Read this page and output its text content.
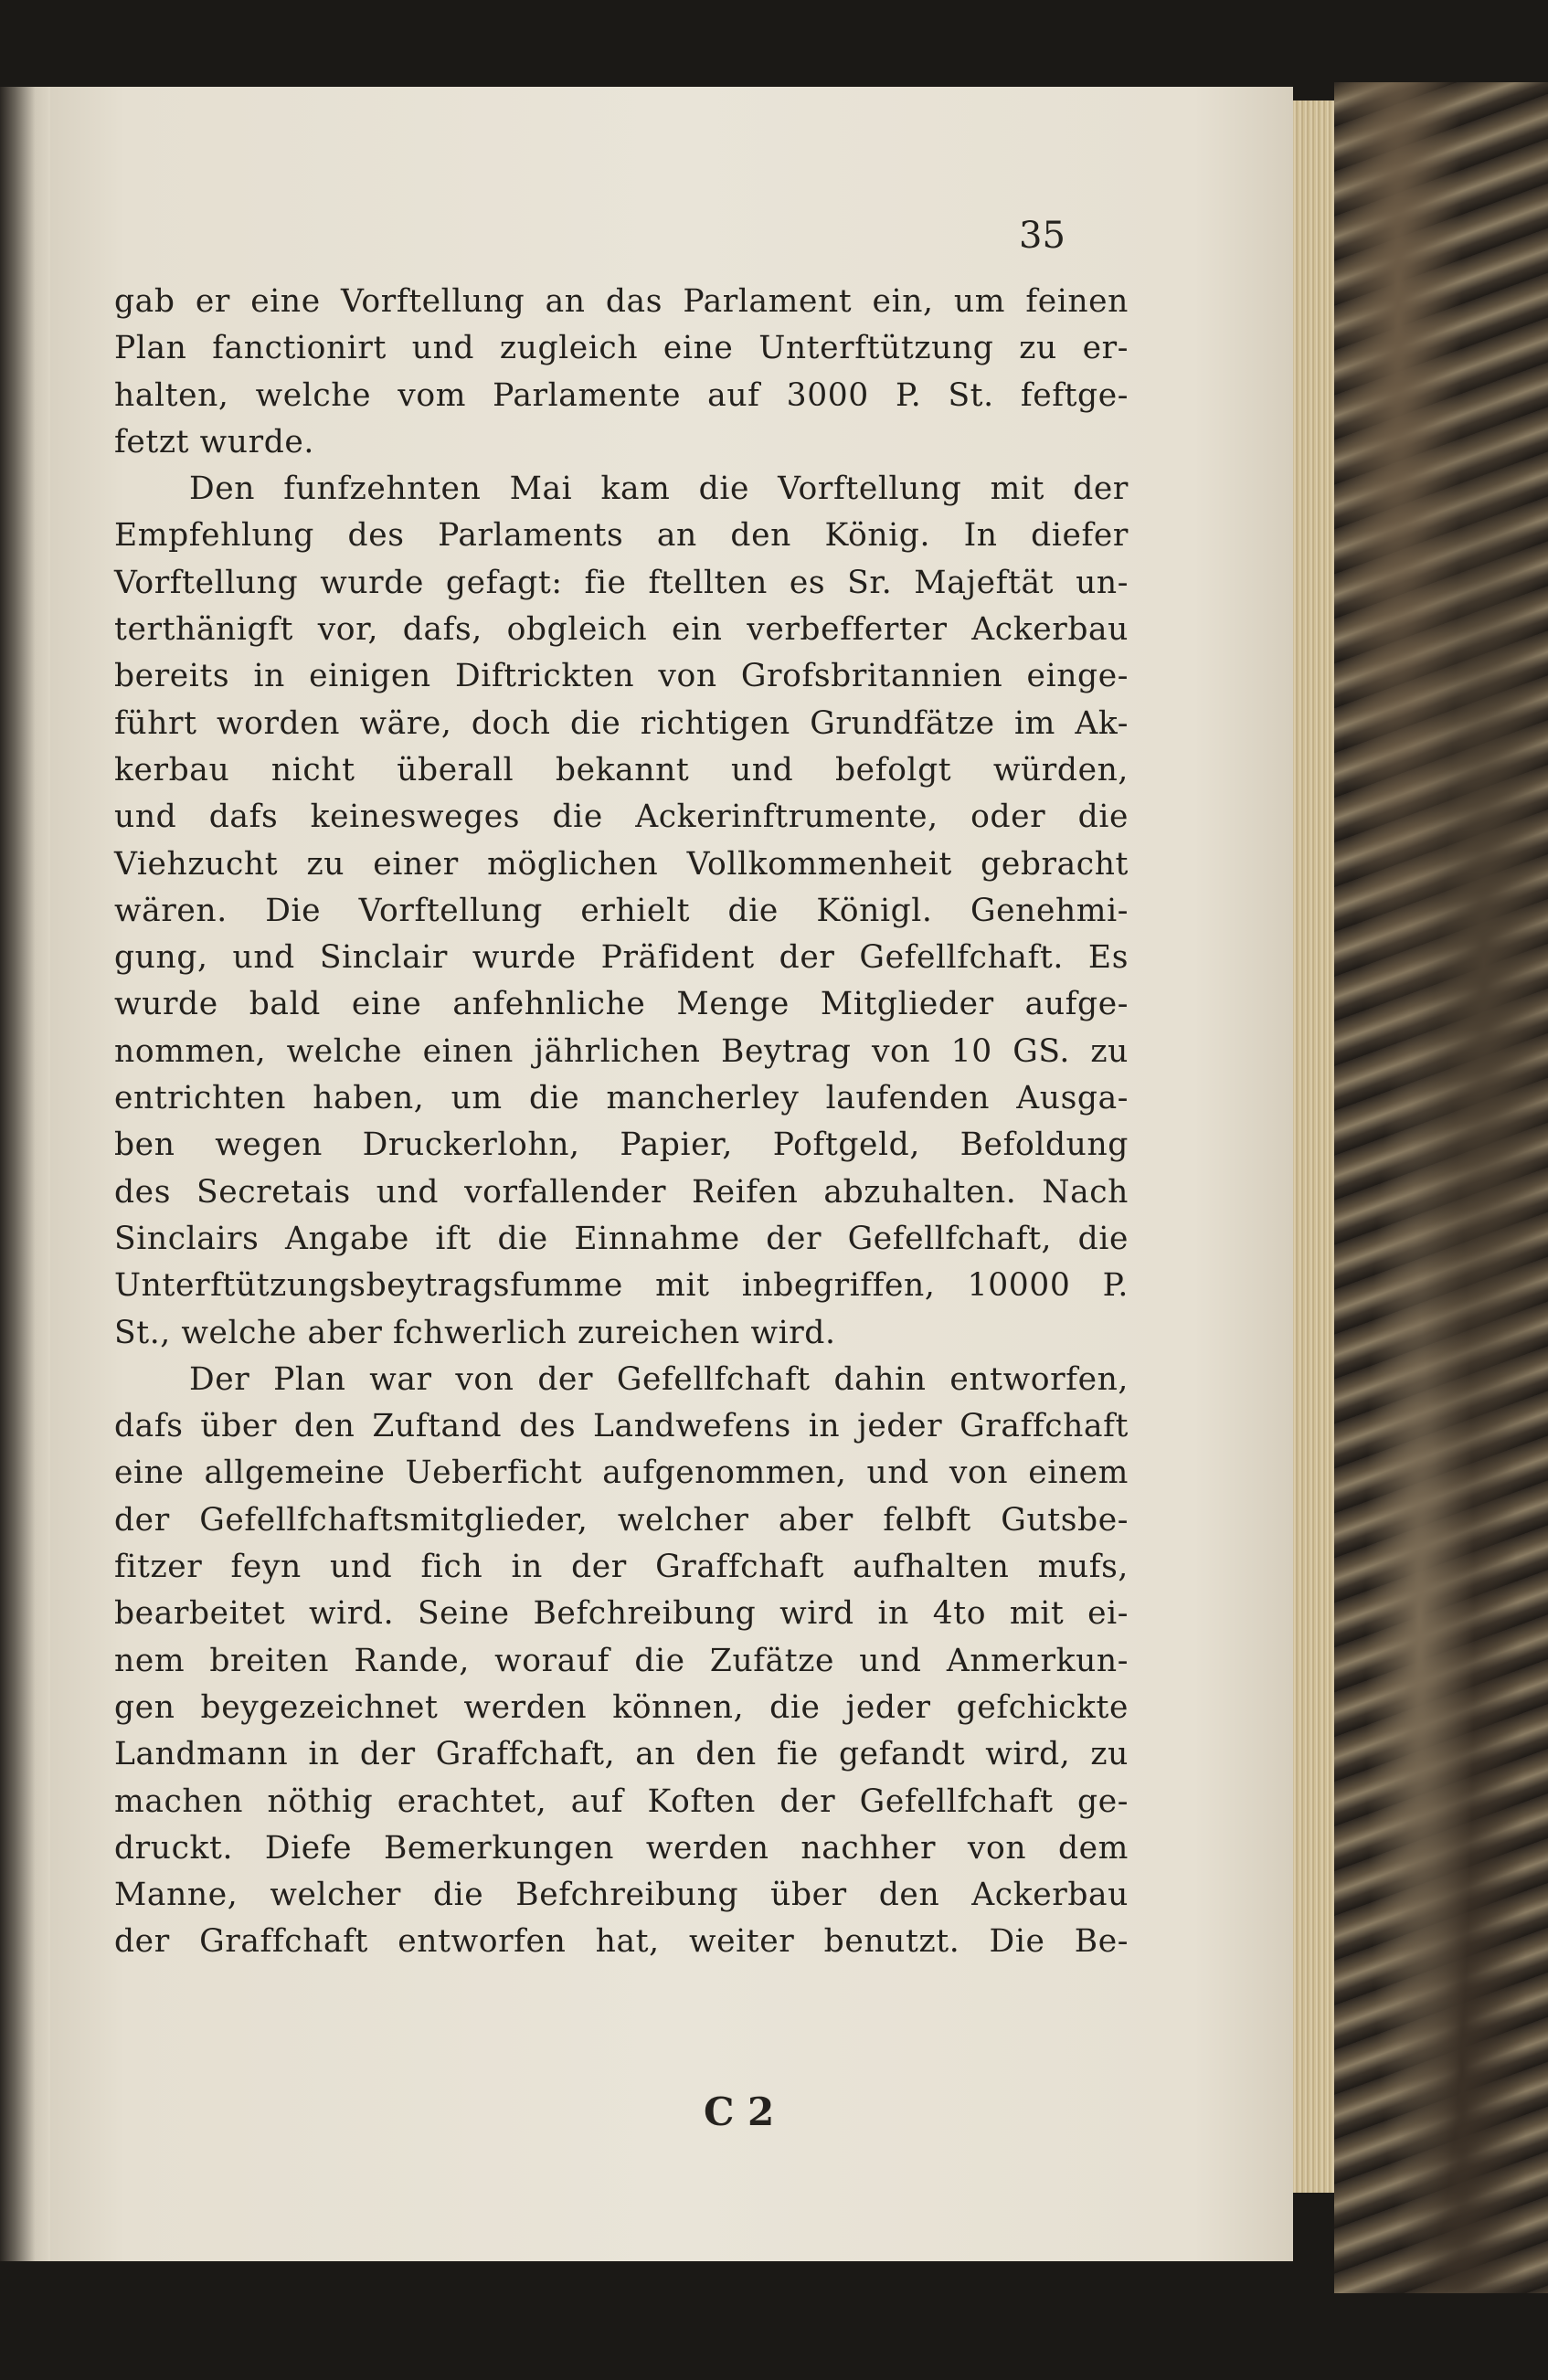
35
gab er eine Vorftellung an das Parlament ein, um feinen
Plan fanctionirt und zugleich eine Unterftützung zu er-
halten, welche vom Parlamente auf 3000 P. St. feftge-
fetzt wurde.
Den funfzehnten Mai kam die Vorftellung mit der
Empfehlung des Parlaments an den König. In diefer
Vorftellung wurde gefagt: fie ftellten es Sr. Majeftät un-
terthänigft vor, dafs, obgleich ein verbefferter Ackerbau
bereits in einigen Diftrickten von Grofsbritannien einge-
führt worden wäre, doch die richtigen Grundfätze im Ak-
kerbau nicht überall bekannt und befolgt würden,
und dafs keinesweges die Ackerinftrumente, oder die
Viehzucht zu einer möglichen Vollkommenheit gebracht
wären. Die Vorftellung erhielt die Königl. Genehmi-
gung, und Sinclair wurde Präfident der Gefellfchaft. Es
wurde bald eine anfehnliche Menge Mitglieder aufge-
nommen, welche einen jährlichen Beytrag von 10 GS. zu
entrichten haben, um die mancherley laufenden Ausga-
ben wegen Druckerlohn, Papier, Poftgeld, Befoldung
des Secretais und vorfallender Reifen abzuhalten. Nach
Sinclairs Angabe ift die Einnahme der Gefellfchaft, die
Unterftützungsbeytragsfumme mit inbegriffen, 10000 P.
St., welche aber fchwerlich zureichen wird.
Der Plan war von der Gefellfchaft dahin entworfen,
dafs über den Zuftand des Landwefens in jeder Graffchaft
eine allgemeine Ueberficht aufgenommen, und von einem
der Gefellfchaftsmitglieder, welcher aber felbft Gutsbe-
fitzer feyn und fich in der Graffchaft aufhalten mufs,
bearbeitet wird. Seine Befchreibung wird in 4to mit ei-
nem breiten Rande, worauf die Zufätze und Anmerkun-
gen beygezeichnet werden können, die jeder gefchickte
Landmann in der Graffchaft, an den fie gefandt wird, zu
machen nöthig erachtet, auf Koften der Gefellfchaft ge-
druckt. Diefe Bemerkungen werden nachher von dem
Manne, welcher die Befchreibung über den Ackerbau
der Graffchaft entworfen hat, weiter benutzt. Die Be-
C 2
